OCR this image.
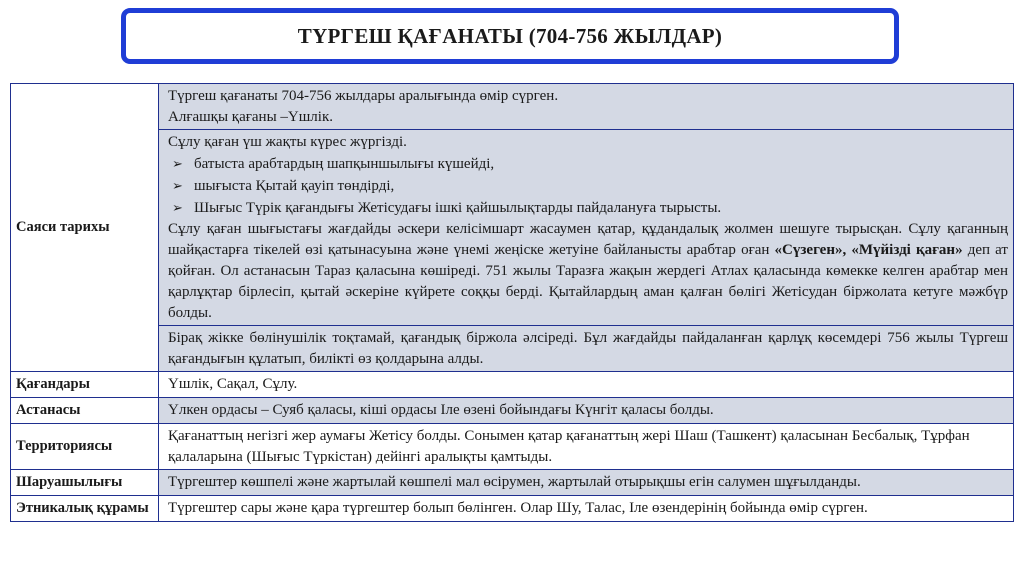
ТҮРГЕШ ҚАҒАНАТЫ (704-756 ЖЫЛДАР)
Саяси тарихы	Түргеш қағанаты 704-756 жылдары аралығында өмір сүрген.
Алғашқы қағаны –Үшлік.

	Сұлу қаған үш жақты күрес жүргізді.
➢ батыста арабтардың шапқыншылығы күшейді,
➢ шығыста Қытай қауіп төндірді,
➢ Шығыс Түрік қағандығы Жетісудағы ішкі қайшылықтарды пайдалануға тырысты.
Сұлу қаған шығыстағы жағдайды әскери келісімшарт жасаумен қатар, құдандалық жолмен шешуге тырысқан. Сұлу қаганның шайқастарға тікелей өзі қатынасуына және үнемі жеңіске жетуіне байланысты арабтар оған «Сүзеген», «Мүйізді қаған» деп ат қойған. Ол астанасын Тараз қаласына көшіреді. 751 жылы Таразға жақын жердегі Атлах қаласында көмекке келген арабтар мен қарлұқтар бірлесіп, қытай әскеріне күйрете соққы берді. Қытайлардың аман қалған бөлігі Жетісудан біржолата кетуге мәжбүр болды.

	Бірақ жікке бөлінушілік тоқтамай, қағандық біржола әлсіреді. Бұл жағдайды пайдаланған қарлұқ көсемдері 756 жылы Түргеш қағандығын құлатып, билікті өз қолдарына алды.
Қағандары	Үшлік, Сақал, Сұлу.
Астанасы	Үлкен ордасы – Суяб қаласы, кіші ордасы Іле өзені бойындағы Күнгіт қаласы болды.
Территориясы	Қағанаттың негізгі жер аумағы Жетісу болды. Сонымен қатар қағанаттың жері Шаш (Ташкент) қаласынан Бесбалық, Тұрфан қалаларына (Шығыс Түркістан) дейінгі аралықты қамтыды.
Шаруашылығы	Түргештер көшпелі және жартылай көшпелі мал өсірумен, жартылай отырықшы егін салумен шұғылданды.
Этникалық құрамы	Түргештер сары және қара түргештер болып бөлінген. Олар Шу, Талас, Іле өзендерінің бойында өмір сүрген.
